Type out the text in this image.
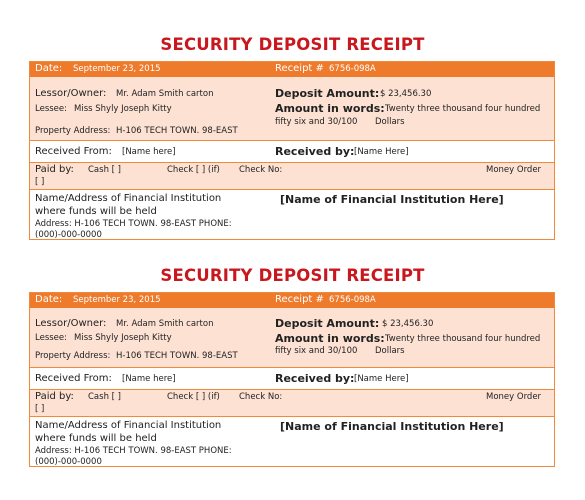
SECURITY DEPOSIT RECEIPT
Date: September 23, 2015	Receipt # 6756-098A
Lessor/Owner: Mr. Adam Smith carton
Lessee: Miss Shyly Joseph Kitty
Property Address: H-106 TECH TOWN. 98-EAST
Deposit Amount: $ 23,456.30
Amount in words: Twenty three thousand four hundred
fifty six and 30/100 Dollars
Received From: [Name here]	Received by: [Name Here]
Paid by: Cash [ ]	Check [ ] (if) Check No:	Money Order
[ ]
Name/Address of Financial Institution
where funds will be held
Address: H-106 TECH TOWN. 98-EAST PHONE:
(000)-000-0000
[Name of Financial Institution Here]
SECURITY DEPOSIT RECEIPT
Date: September 23, 2015	Receipt # 6756-098A
Lessor/Owner: Mr. Adam Smith carton
Lessee: Miss Shyly Joseph Kitty
Property Address: H-106 TECH TOWN. 98-EAST
Deposit Amount: $ 23,456.30
Amount in words: Twenty three thousand four hundred
fifty six and 30/100 Dollars
Received From: [Name here]	Received by: [Name Here]
Paid by: Cash [ ]	Check [ ] (if) Check No:	Money Order
[ ]
Name/Address of Financial Institution
where funds will be held
Address: H-106 TECH TOWN. 98-EAST PHONE:
(000)-000-0000
[Name of Financial Institution Here]
